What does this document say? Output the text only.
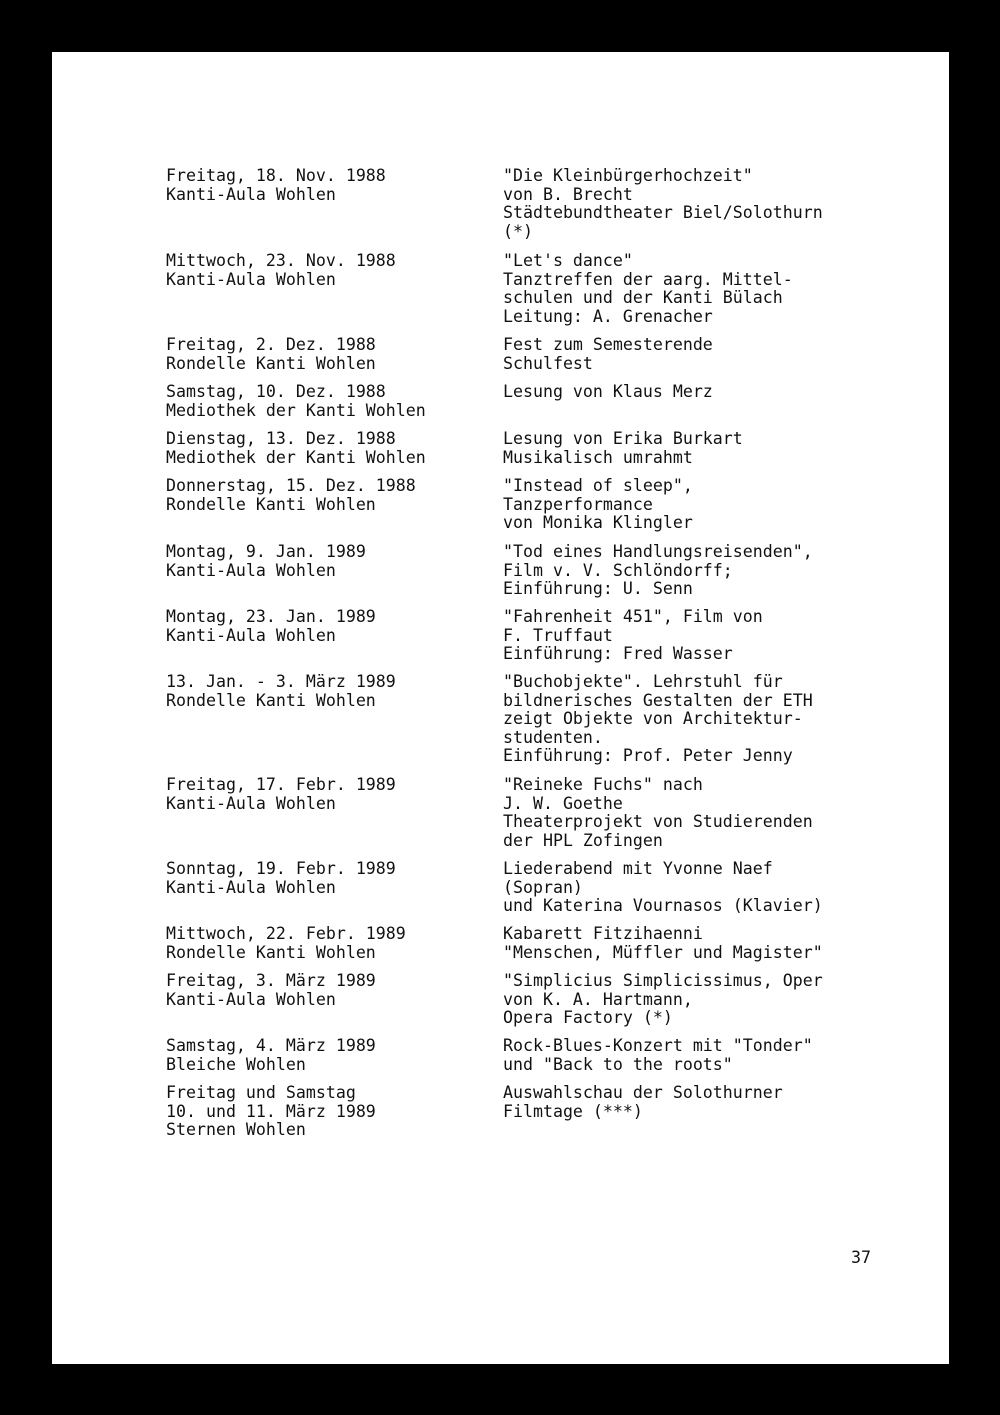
Freitag, 18. Nov. 1988
Kanti-Aula Wohlen
"Die Kleinbürgerhochzeit"
von B. Brecht
Städtebundtheater Biel/Solothurn
(*)
Mittwoch, 23. Nov. 1988
Kanti-Aula Wohlen
"Let's dance"
Tanztreffen der aarg. Mittel-
schulen und der Kanti Bülach
Leitung: A. Grenacher
Freitag, 2. Dez. 1988
Rondelle Kanti Wohlen
Fest zum Semesterende
Schulfest
Samstag, 10. Dez. 1988
Mediothek der Kanti Wohlen
Lesung von Klaus Merz
Dienstag, 13. Dez. 1988
Mediothek der Kanti Wohlen
Lesung von Erika Burkart
Musikalisch umrahmt
Donnerstag, 15. Dez. 1988
Rondelle Kanti Wohlen
"Instead of sleep",
Tanzperformance
von Monika Klingler
Montag, 9. Jan. 1989
Kanti-Aula Wohlen
"Tod eines Handlungsreisenden",
Film v. V. Schlöndorff;
Einführung: U. Senn
Montag, 23. Jan. 1989
Kanti-Aula Wohlen
"Fahrenheit 451", Film von
F. Truffaut
Einführung: Fred Wasser
13. Jan. - 3. März 1989
Rondelle Kanti Wohlen
"Buchobjekte". Lehrstuhl für
bildnerisches Gestalten der ETH
zeigt Objekte von Architektur-
studenten.
Einführung: Prof. Peter Jenny
Freitag, 17. Febr. 1989
Kanti-Aula Wohlen
"Reineke Fuchs" nach
J. W. Goethe
Theaterprojekt von Studierenden
der HPL Zofingen
Sonntag, 19. Febr. 1989
Kanti-Aula Wohlen
Liederabend mit Yvonne Naef
(Sopran)
und Katerina Vournasos (Klavier)
Mittwoch, 22. Febr. 1989
Rondelle Kanti Wohlen
Kabarett Fitzihaenni
"Menschen, Müffler und Magister"
Freitag, 3. März 1989
Kanti-Aula Wohlen
"Simplicius Simplicissimus, Oper
von K. A. Hartmann,
Opera Factory (*)
Samstag, 4. März 1989
Bleiche Wohlen
Rock-Blues-Konzert mit "Tonder"
und "Back to the roots"
Freitag und Samstag
10. und 11. März 1989
Sternen Wohlen
Auswahlschau der Solothurner
Filmtage (***)
37
